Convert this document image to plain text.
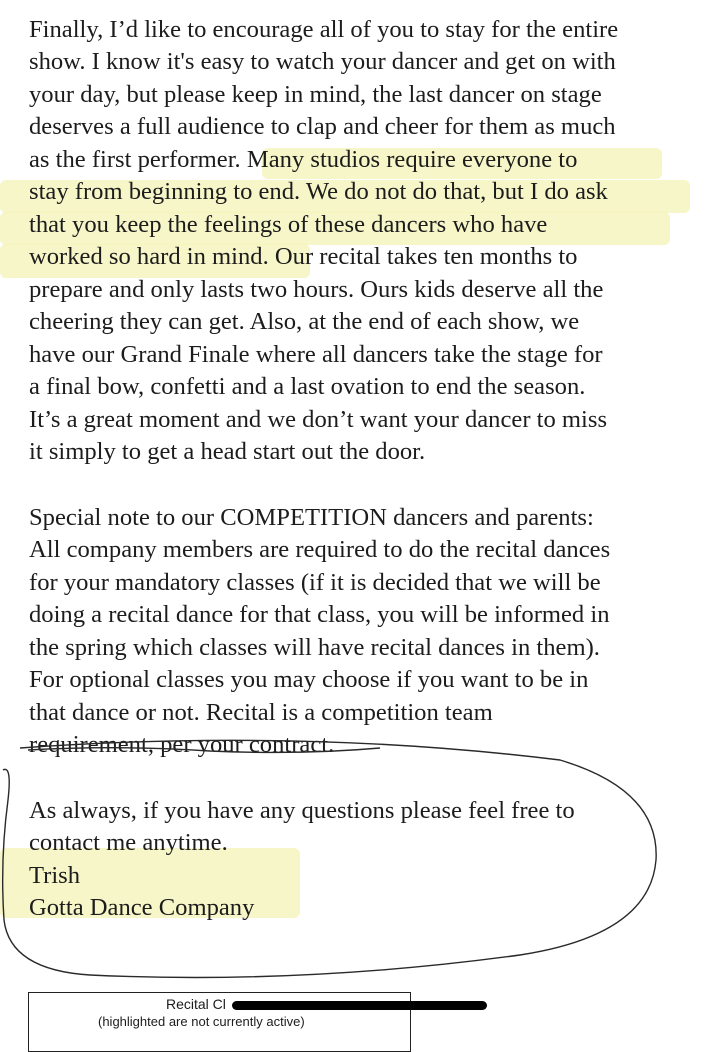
Finally, I’d like to encourage all of you to stay for the entire
show. I know it's easy to watch your dancer and get on with
your day, but please keep in mind, the last dancer on stage
deserves a full audience to clap and cheer for them as much
as the first performer. Many studios require everyone to
stay from beginning to end. We do not do that, but I do ask
that you keep the feelings of these dancers who have
worked so hard in mind. Our recital takes ten months to
prepare and only lasts two hours. Ours kids deserve all the
cheering they can get. Also, at the end of each show, we
have our Grand Finale where all dancers take the stage for
a final bow, confetti and a last ovation to end the season.
It’s a great moment and we don’t want your dancer to miss
it simply to get a head start out the door.
Special note to our COMPETITION dancers and parents:
All company members are required to do the recital dances
for your mandatory classes (if it is decided that we will be
doing a recital dance for that class, you will be informed in
the spring which classes will have recital dances in them).
For optional classes you may choose if you want to be in
that dance or not. Recital is a competition team
requirement, per your contract.
As always, if you have any questions please feel free to
contact me anytime.
Trish
Gotta Dance Company
Recital Cl
(highlighted are not currently active)
